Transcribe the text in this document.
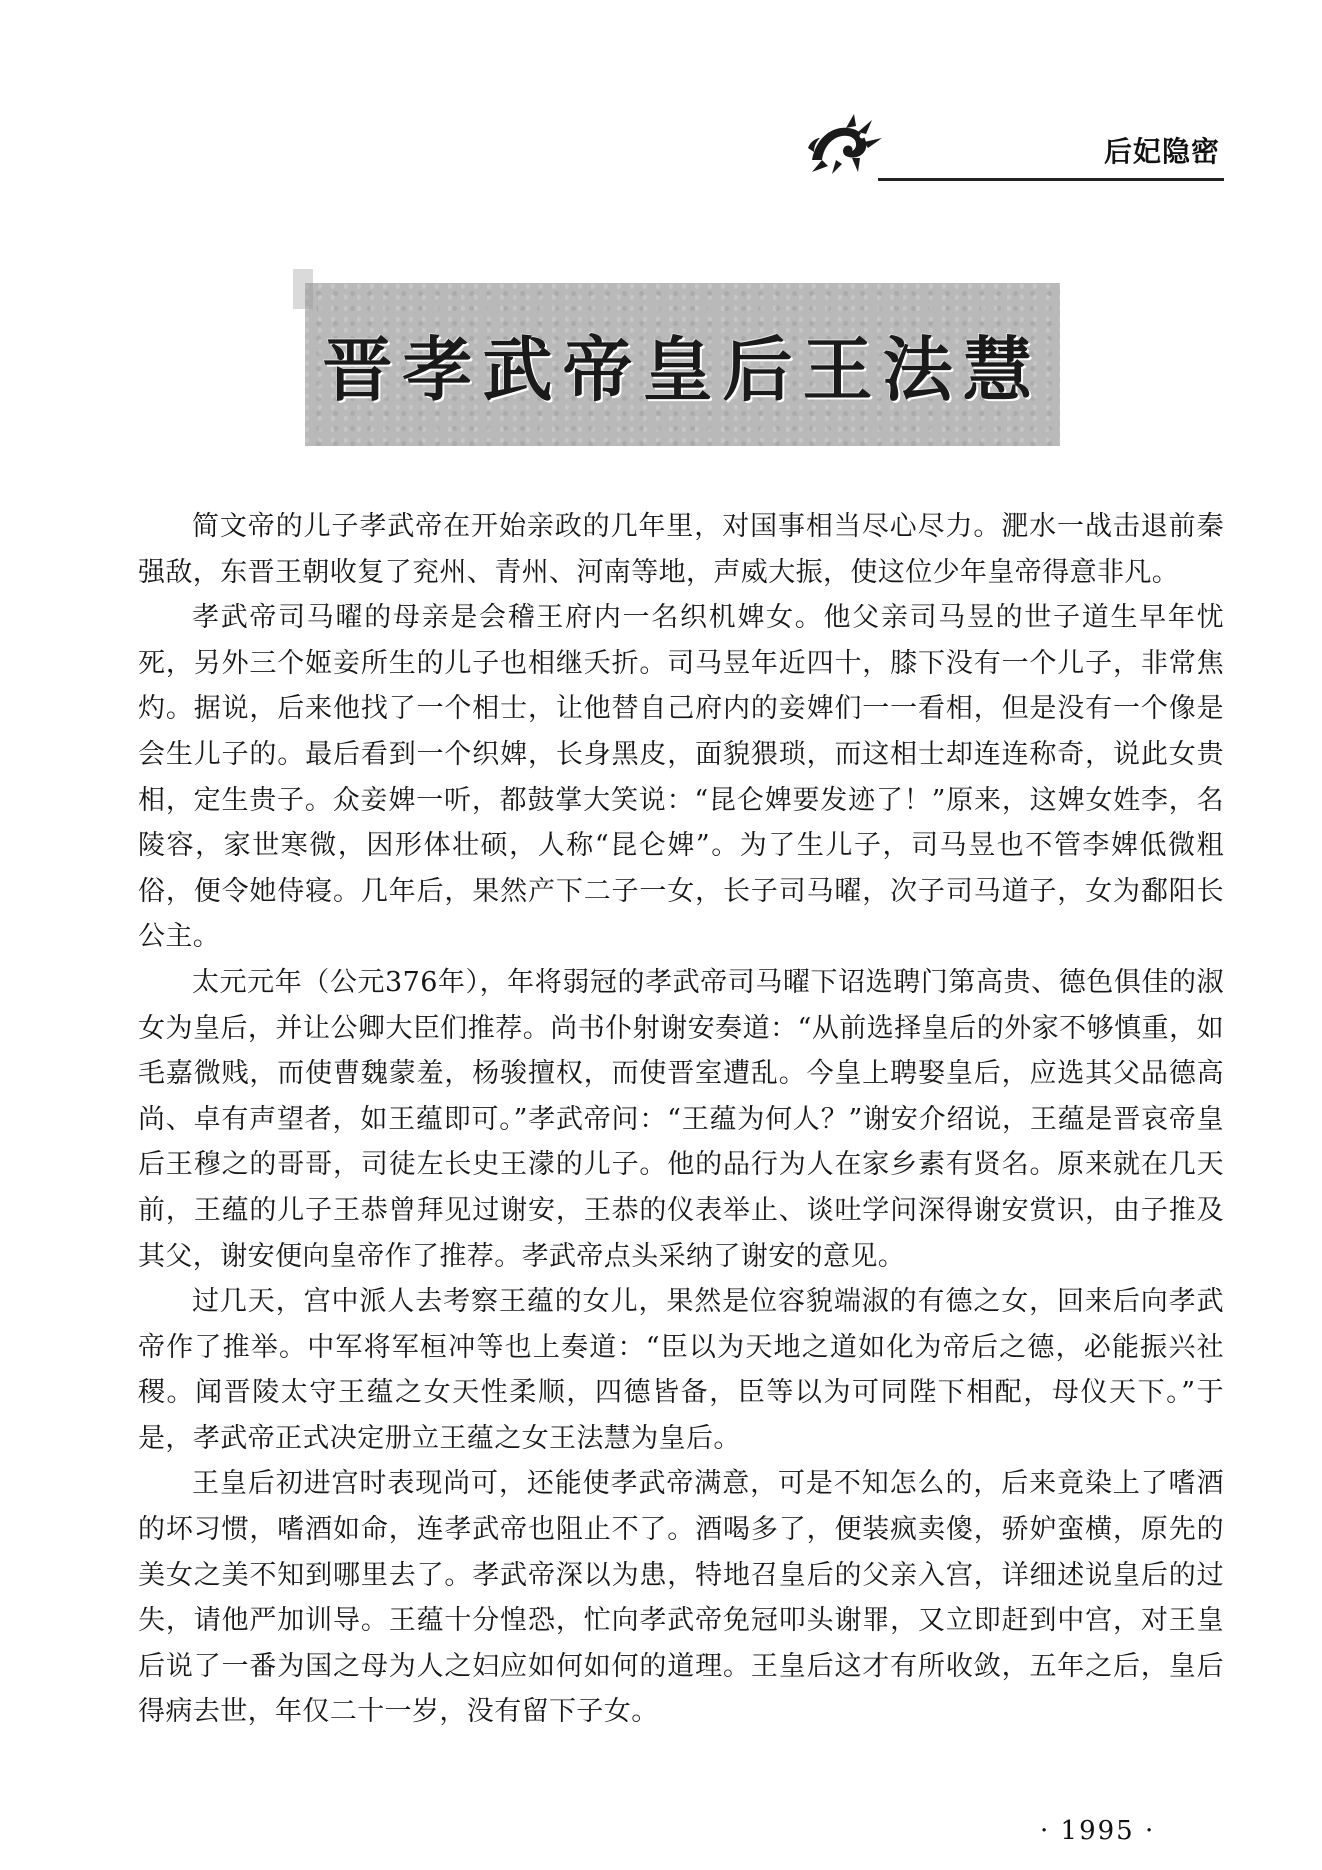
后妃隐密
晋孝武帝皇后王法慧

简文帝的儿子孝武帝在开始亲政的几年里，对国事相当尽心尽力。淝水一战击退前秦强敌，东晋王朝收复了兖州、青州、河南等地，声威大振，使这位少年皇帝得意非凡。

孝武帝司马曜的母亲是会稽王府内一名织机婢女。他父亲司马昱的世子道生早年忧死，另外三个姬妾所生的儿子也相继夭折。司马昱年近四十，膝下没有一个儿子，非常焦灼。据说，后来他找了一个相士，让他替自己府内的妾婢们一一看相，但是没有一个像是会生儿子的。最后看到一个织婢，长身黑皮，面貌猥琐，而这相士却连连称奇，说此女贵相，定生贵子。众妾婢一听，都鼓掌大笑说：“昆仑婢要发迹了！”原来，这婢女姓李，名陵容，家世寒微，因形体壮硕，人称“昆仑婢”。为了生儿子，司马昱也不管李婢低微粗俗，便令她侍寝。几年后，果然产下二子一女，长子司马曜，次子司马道子，女为鄱阳长公主。

太元元年（公元376年），年将弱冠的孝武帝司马曜下诏选聘门第高贵、德色俱佳的淑女为皇后，并让公卿大臣们推荐。尚书仆射谢安奏道：“从前选择皇后的外家不够慎重，如毛嘉微贱，而使曹魏蒙羞，杨骏擅权，而使晋室遭乱。今皇上聘娶皇后，应选其父品德高尚、卓有声望者，如王蕴即可。”孝武帝问：“王蕴为何人？”谢安介绍说，王蕴是晋哀帝皇后王穆之的哥哥，司徒左长史王濛的儿子。他的品行为人在家乡素有贤名。原来就在几天前，王蕴的儿子王恭曾拜见过谢安，王恭的仪表举止、谈吐学问深得谢安赏识，由子推及其父，谢安便向皇帝作了推荐。孝武帝点头采纳了谢安的意见。

过几天，宫中派人去考察王蕴的女儿，果然是位容貌端淑的有德之女，回来后向孝武帝作了推举。中军将军桓冲等也上奏道：“臣以为天地之道如化为帝后之德，必能振兴社稷。闻晋陵太守王蕴之女天性柔顺，四德皆备，臣等以为可同陛下相配，母仪天下。”于是，孝武帝正式决定册立王蕴之女王法慧为皇后。

王皇后初进宫时表现尚可，还能使孝武帝满意，可是不知怎么的，后来竟染上了嗜酒的坏习惯，嗜酒如命，连孝武帝也阻止不了。酒喝多了，便装疯卖傻，骄妒蛮横，原先的美女之美不知到哪里去了。孝武帝深以为患，特地召皇后的父亲入宫，详细述说皇后的过失，请他严加训导。王蕴十分惶恐，忙向孝武帝免冠叩头谢罪，又立即赶到中宫，对王皇后说了一番为国之母为人之妇应如何如何的道理。王皇后这才有所收敛，五年之后，皇后得病去世，年仅二十一岁，没有留下子女。

· 1995 ·
